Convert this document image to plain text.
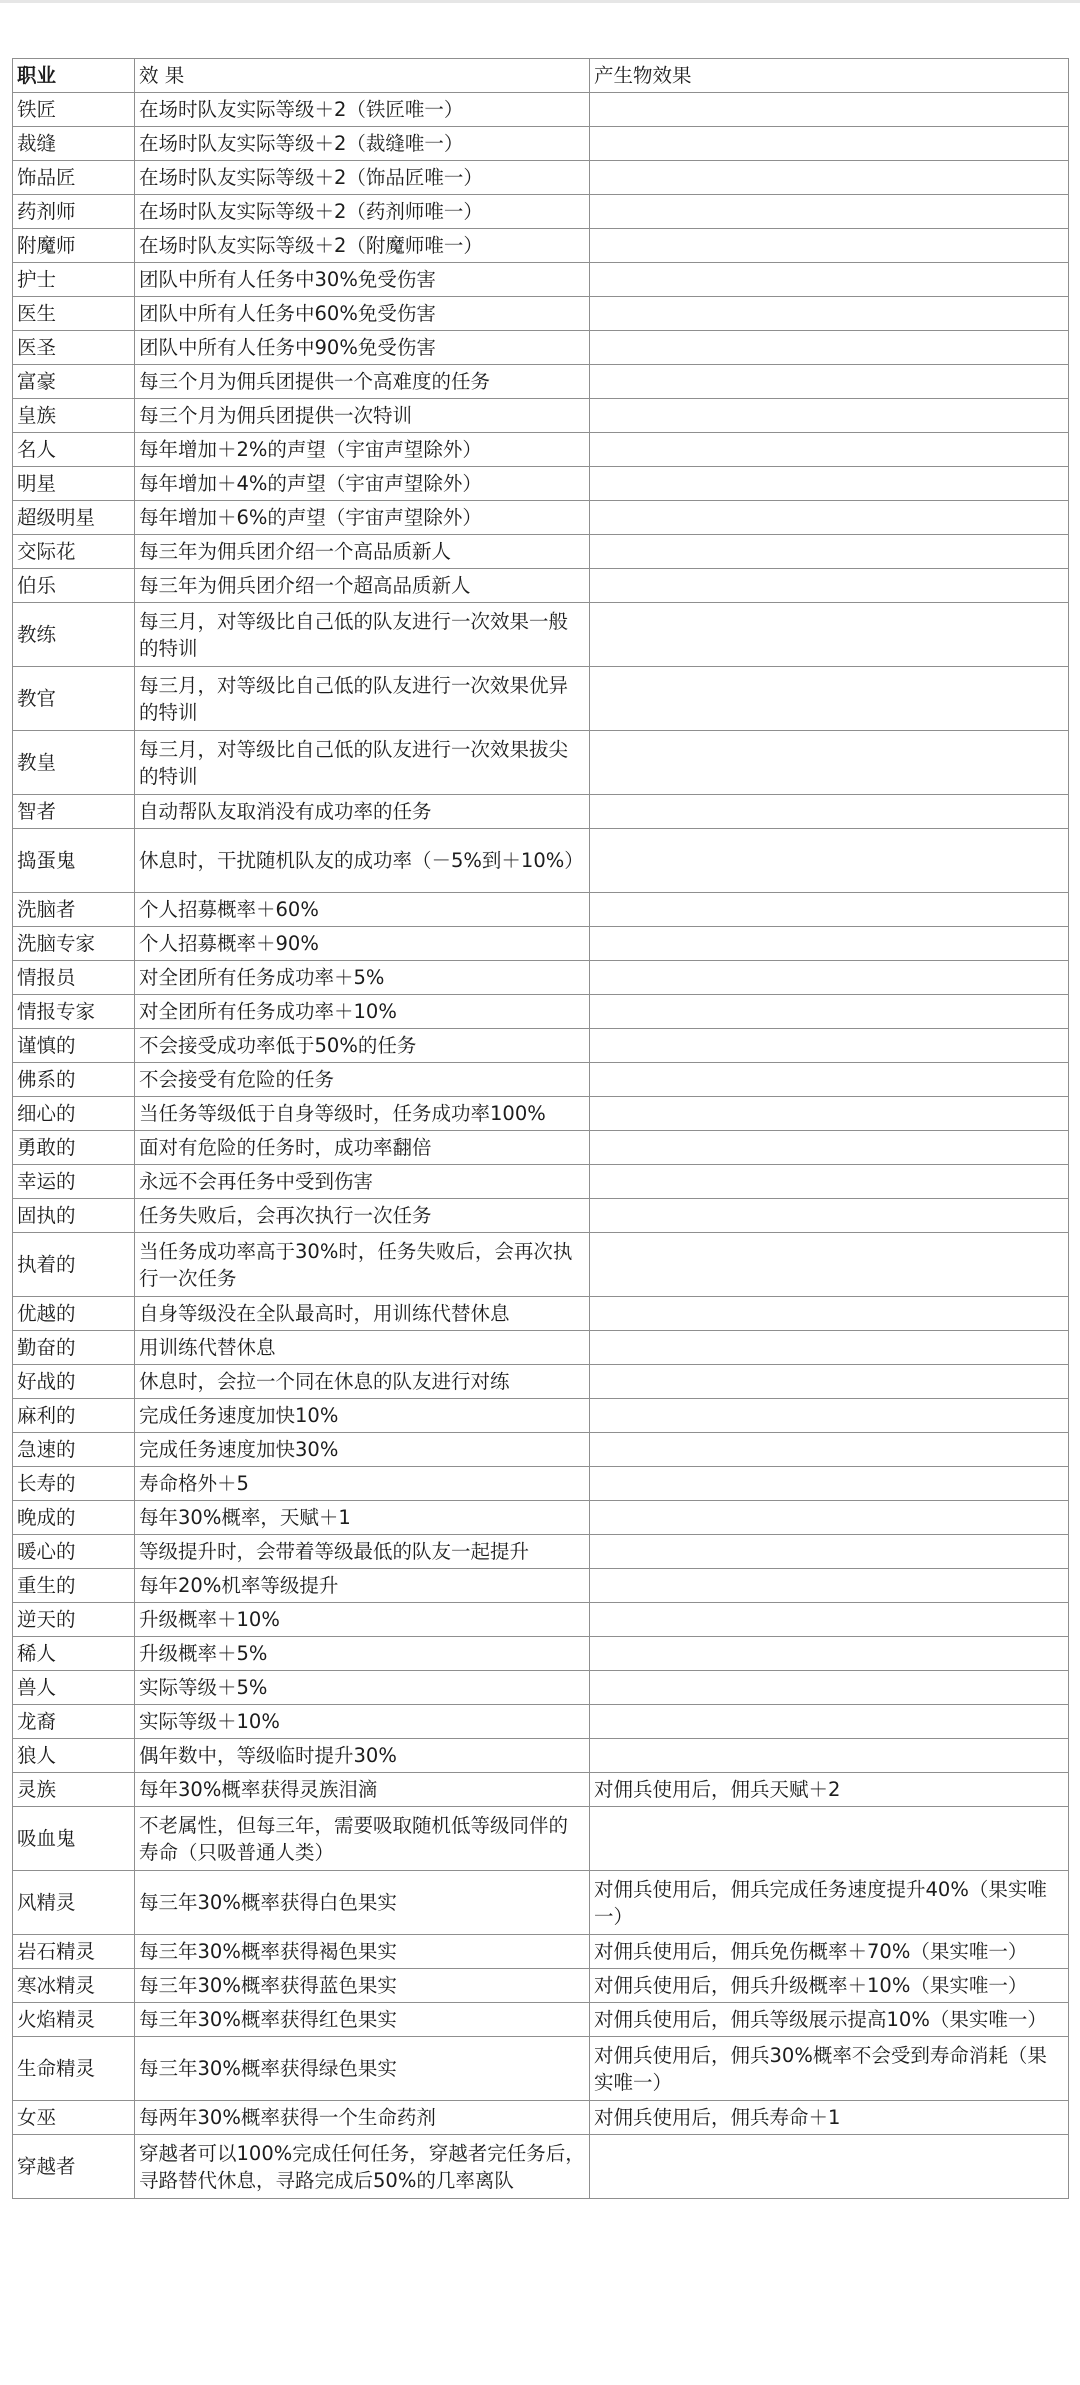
职业	效 果	产生物效果
铁匠	在场时队友实际等级＋2（铁匠唯一）	
裁缝	在场时队友实际等级＋2（裁缝唯一）	
饰品匠	在场时队友实际等级＋2（饰品匠唯一）	
药剂师	在场时队友实际等级＋2（药剂师唯一）	
附魔师	在场时队友实际等级＋2（附魔师唯一）	
护士	团队中所有人任务中30%免受伤害	
医生	团队中所有人任务中60%免受伤害	
医圣	团队中所有人任务中90%免受伤害	
富豪	每三个月为佣兵团提供一个高难度的任务	
皇族	每三个月为佣兵团提供一次特训	
名人	每年增加＋2%的声望（宇宙声望除外）	
明星	每年增加＋4%的声望（宇宙声望除外）	
超级明星	每年增加＋6%的声望（宇宙声望除外）	
交际花	每三年为佣兵团介绍一个高品质新人	
伯乐	每三年为佣兵团介绍一个超高品质新人	
教练	每三月，对等级比自己低的队友进行一次效果一般的特训	
教官	每三月，对等级比自己低的队友进行一次效果优异的特训	
教皇	每三月，对等级比自己低的队友进行一次效果拔尖的特训	
智者	自动帮队友取消没有成功率的任务	
捣蛋鬼	休息时，干扰随机队友的成功率（－5%到＋10%）	
洗脑者	个人招募概率＋60%	
洗脑专家	个人招募概率＋90%	
情报员	对全团所有任务成功率＋5%	
情报专家	对全团所有任务成功率＋10%	
谨慎的	不会接受成功率低于50%的任务	
佛系的	不会接受有危险的任务	
细心的	当任务等级低于自身等级时，任务成功率100%	
勇敢的	面对有危险的任务时，成功率翻倍	
幸运的	永远不会再任务中受到伤害	
固执的	任务失败后，会再次执行一次任务	
执着的	当任务成功率高于30%时，任务失败后，会再次执行一次任务	
优越的	自身等级没在全队最高时，用训练代替休息	
勤奋的	用训练代替休息	
好战的	休息时，会拉一个同在休息的队友进行对练	
麻利的	完成任务速度加快10%	
急速的	完成任务速度加快30%	
长寿的	寿命格外＋5	
晚成的	每年30%概率，天赋＋1	
暖心的	等级提升时，会带着等级最低的队友一起提升	
重生的	每年20%机率等级提升	
逆天的	升级概率＋10%	
稀人	升级概率＋5%	
兽人	实际等级＋5%	
龙裔	实际等级＋10%	
狼人	偶年数中，等级临时提升30%	
灵族	每年30%概率获得灵族泪滴	对佣兵使用后，佣兵天赋＋2
吸血鬼	不老属性，但每三年，需要吸取随机低等级同伴的寿命（只吸普通人类）	
风精灵	每三年30%概率获得白色果实	对佣兵使用后，佣兵完成任务速度提升40%（果实唯一）
岩石精灵	每三年30%概率获得褐色果实	对佣兵使用后，佣兵免伤概率＋70%（果实唯一）
寒冰精灵	每三年30%概率获得蓝色果实	对佣兵使用后，佣兵升级概率＋10%（果实唯一）
火焰精灵	每三年30%概率获得红色果实	对佣兵使用后，佣兵等级展示提高10%（果实唯一）
生命精灵	每三年30%概率获得绿色果实	对佣兵使用后，佣兵30%概率不会受到寿命消耗（果实唯一）
女巫	每两年30%概率获得一个生命药剂	对佣兵使用后，佣兵寿命＋1
穿越者	穿越者可以100%完成任何任务，穿越者完任务后，寻路替代休息，寻路完成后50%的几率离队	
